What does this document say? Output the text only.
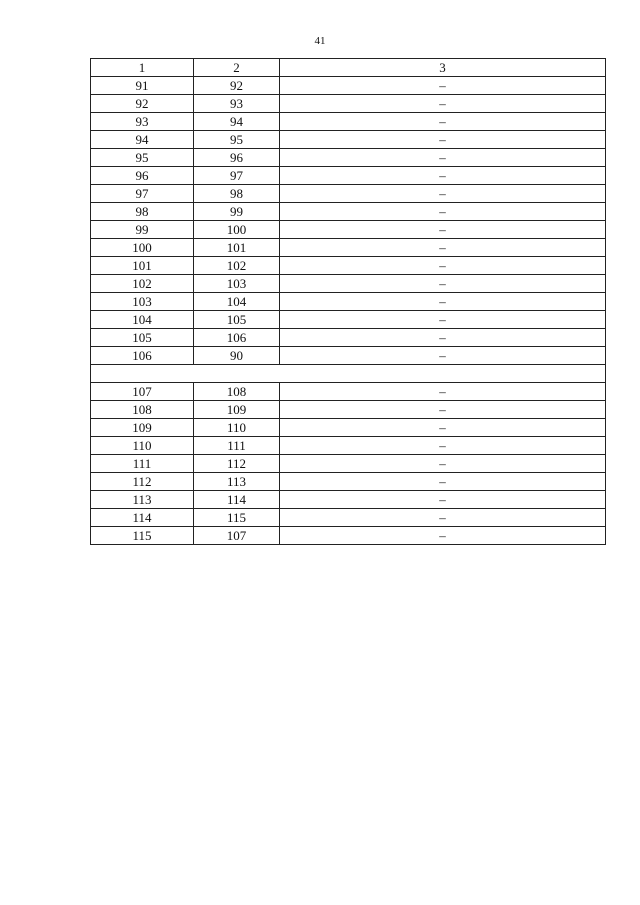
41
1	2	3
91	92	–
92	93	–
93	94	–
94	95	–
95	96	–
96	97	–
97	98	–
98	99	–
99	100	–
100	101	–
101	102	–
102	103	–
103	104	–
104	105	–
105	106	–
106	90	–

107	108	–
108	109	–
109	110	–
110	111	–
111	112	–
112	113	–
113	114	–
114	115	–
115	107	–
